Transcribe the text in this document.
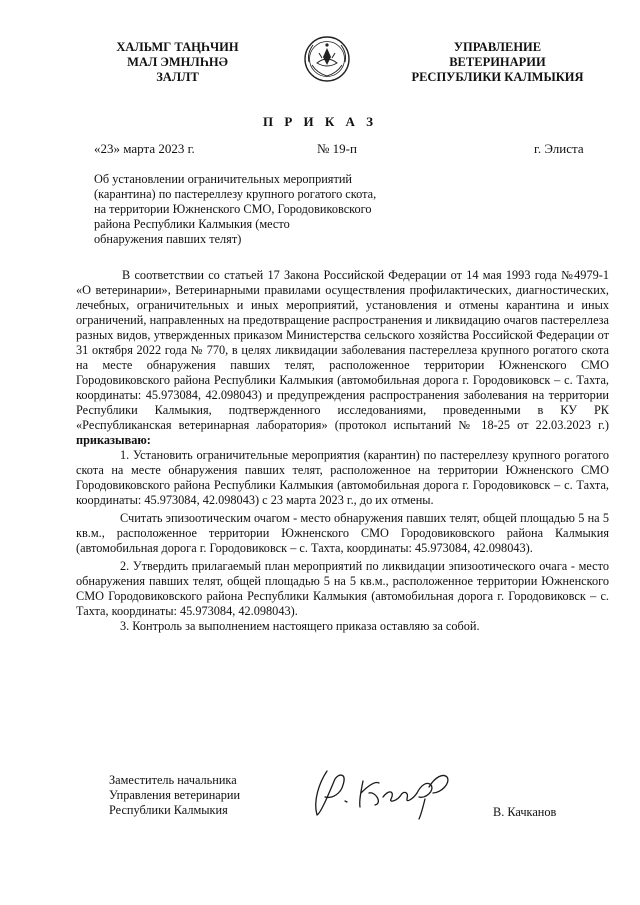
ХАЛЬМГ ТАҢҺЧИН
МАЛ ЭМНЛҺНӘ
ЗАЛЛТ
УПРАВЛЕНИЕ
ВЕТЕРИНАРИИ
РЕСПУБЛИКИ КАЛМЫКИЯ
П Р И К А З
«23» марта 2023 г.	№ 19-п	г. Элиста
Об установлении ограничительных мероприятий
(карантина) по пастереллезу крупного рогатого скота,
на территории Южненского СМО, Городовиковского
района Республики Калмыкия (место
обнаружения павших телят)

В соответствии со статьей 17 Закона Российской Федерации от 14 мая 1993 года №4979-1 «О ветеринарии», Ветеринарными правилами осуществления профилактических, диагностических, лечебных, ограничительных и иных мероприятий, установления и отмены карантина и иных ограничений, направленных на предотвращение распространения и ликвидацию очагов пастереллеза разных видов, утвержденных приказом Министерства сельского хозяйства Российской Федерации от 31 октября 2022 года № 770, в целях ликвидации заболевания пастереллеза крупного рогатого скота на месте обнаружения павших телят, расположенное территории Южненского СМО Городовиковского района Республики Калмыкия (автомобильная дорога г. Городовиковск – с. Тахта, координаты: 45.973084, 42.098043) и предупреждения распространения заболевания на территории Республики Калмыкия, подтвержденного исследованиями, проведенными в КУ РК «Республиканская ветеринарная лаборатория» (протокол испытаний № 18-25 от 22.03.2023 г.) приказываю:

1. Установить ограничительные мероприятия (карантин) по пастереллезу крупного рогатого скота на месте обнаружения павших телят, расположенное на территории Южненского СМО Городовиковского района Республики Калмыкия (автомобильная дорога г. Городовиковск – с. Тахта, координаты: 45.973084, 42.098043) с 23 марта 2023 г., до их отмены.

Считать эпизоотическим очагом - место обнаружения павших телят, общей площадью 5 на 5 кв.м., расположенное территории Южненского СМО Городовиковского района Калмыкия (автомобильная дорога г. Городовиковск – с. Тахта, координаты: 45.973084, 42.098043).

2. Утвердить прилагаемый план мероприятий по ликвидации эпизоотического очага - место обнаружения павших телят, общей площадью 5 на 5 кв.м., расположенное территории Южненского СМО Городовиковского района Республики Калмыкия (автомобильная дорога г. Городовиковск – с. Тахта, координаты: 45.973084, 42.098043).

3. Контроль за выполнением настоящего приказа оставляю за собой.

Заместитель начальника
Управления ветеринарии
Республики Калмыкия	В. Качканов
